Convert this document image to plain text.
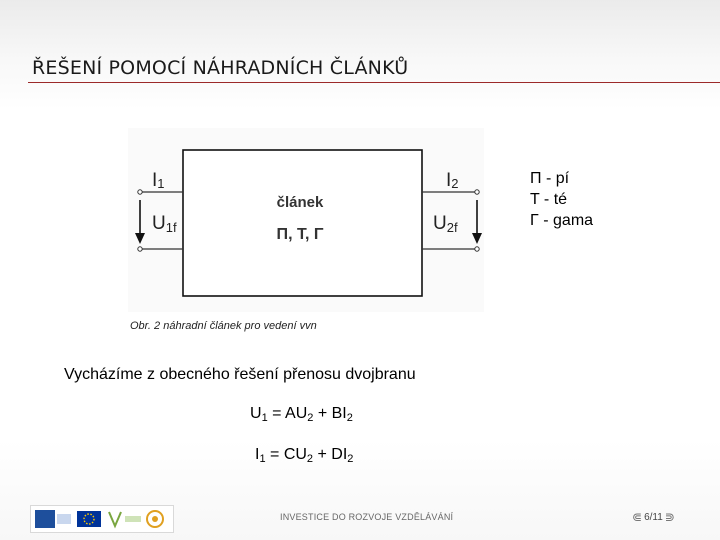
ŘEŠENÍ POMOCÍ NÁHRADNÍCH ČLÁNKŮ
I1	I2
U1f	U2f
článek
Π, T, Γ
Π - pí
T - té
Γ - gama
Obr. 2 náhradní článek pro vedení vvn
Vycházíme z obecného řešení přenosu dvojbranu
$U_1 = AU_2 + BI_2$
$I_1 = CU_2 + DI_2$
INVESTICE DO ROZVOJE VZDĚLÁVÁNÍ	⋐ 6/11 ⋑
